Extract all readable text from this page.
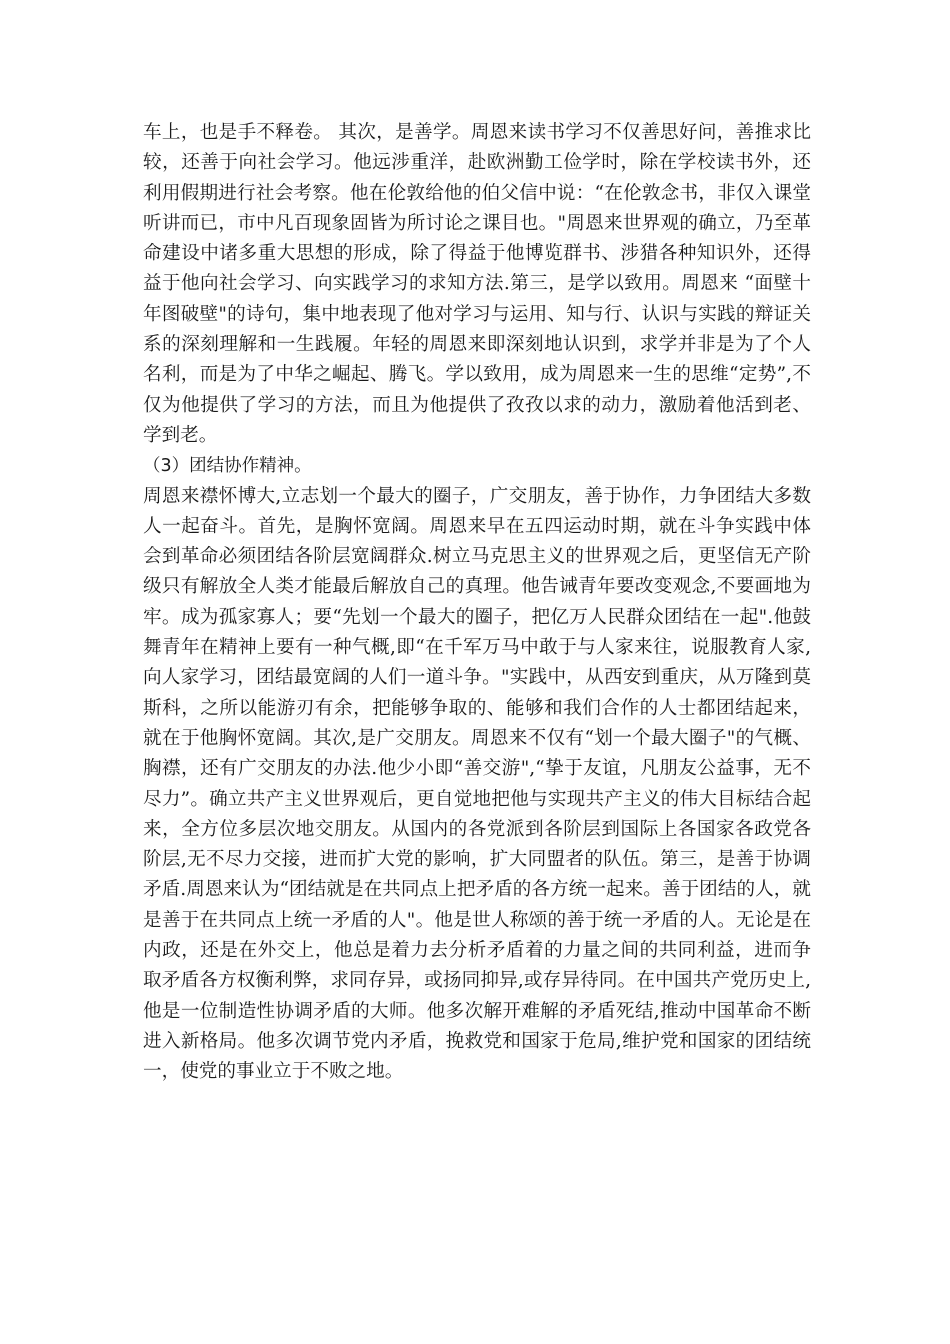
车上，也是手不释卷。 其次，是善学。周恩来读书学习不仅善思好问，善推求比较，还善于向社会学习。他远涉重洋，赴欧洲勤工俭学时，除在学校读书外，还利用假期进行社会考察。他在伦敦给他的伯父信中说：“在伦敦念书，非仅入课堂听讲而已，市中凡百现象固皆为所讨论之课目也。"周恩来世界观的确立，乃至革命建设中诸多重大思想的形成，除了得益于他博览群书、涉猎各种知识外，还得益于他向社会学习、向实践学习的求知方法.第三，是学以致用。周恩来 “面壁十年图破壁"的诗句，集中地表现了他对学习与运用、知与行、认识与实践的辩证关系的深刻理解和一生践履。年轻的周恩来即深刻地认识到，求学并非是为了个人名利，而是为了中华之崛起、腾飞。学以致用，成为周恩来一生的思维“定势”,不仅为他提供了学习的方法，而且为他提供了孜孜以求的动力，激励着他活到老、学到老。

（3）团结协作精神。

周恩来襟怀博大,立志划一个最大的圈子，广交朋友，善于协作，力争团结大多数人一起奋斗。首先，是胸怀宽阔。周恩来早在五四运动时期，就在斗争实践中体会到革命必须团结各阶层宽阔群众.树立马克思主义的世界观之后，更坚信无产阶级只有解放全人类才能最后解放自己的真理。他告诫青年要改变观念,不要画地为牢。成为孤家寡人；要“先划一个最大的圈子，把亿万人民群众团结在一起".他鼓舞青年在精神上要有一种气概,即“在千军万马中敢于与人家来往，说服教育人家,向人家学习，团结最宽阔的人们一道斗争。"实践中，从西安到重庆，从万隆到莫斯科，之所以能游刃有余，把能够争取的、能够和我们合作的人士都团结起来，就在于他胸怀宽阔。其次,是广交朋友。周恩来不仅有“划一个最大圈子"的气概、胸襟，还有广交朋友的办法.他少小即“善交游",“挚于友谊，凡朋友公益事，无不尽力”。确立共产主义世界观后，更自觉地把他与实现共产主义的伟大目标结合起来，全方位多层次地交朋友。从国内的各党派到各阶层到国际上各国家各政党各阶层,无不尽力交接，进而扩大党的影响，扩大同盟者的队伍。第三，是善于协调矛盾.周恩来认为“团结就是在共同点上把矛盾的各方统一起来。善于团结的人，就是善于在共同点上统一矛盾的人"。他是世人称颂的善于统一矛盾的人。无论是在内政，还是在外交上，他总是着力去分析矛盾着的力量之间的共同利益，进而争取矛盾各方权衡利弊，求同存异，或扬同抑异,或存异待同。在中国共产党历史上,他是一位制造性协调矛盾的大师。他多次解开难解的矛盾死结,推动中国革命不断进入新格局。他多次调节党内矛盾，挽救党和国家于危局,维护党和国家的团结统一，使党的事业立于不败之地。
